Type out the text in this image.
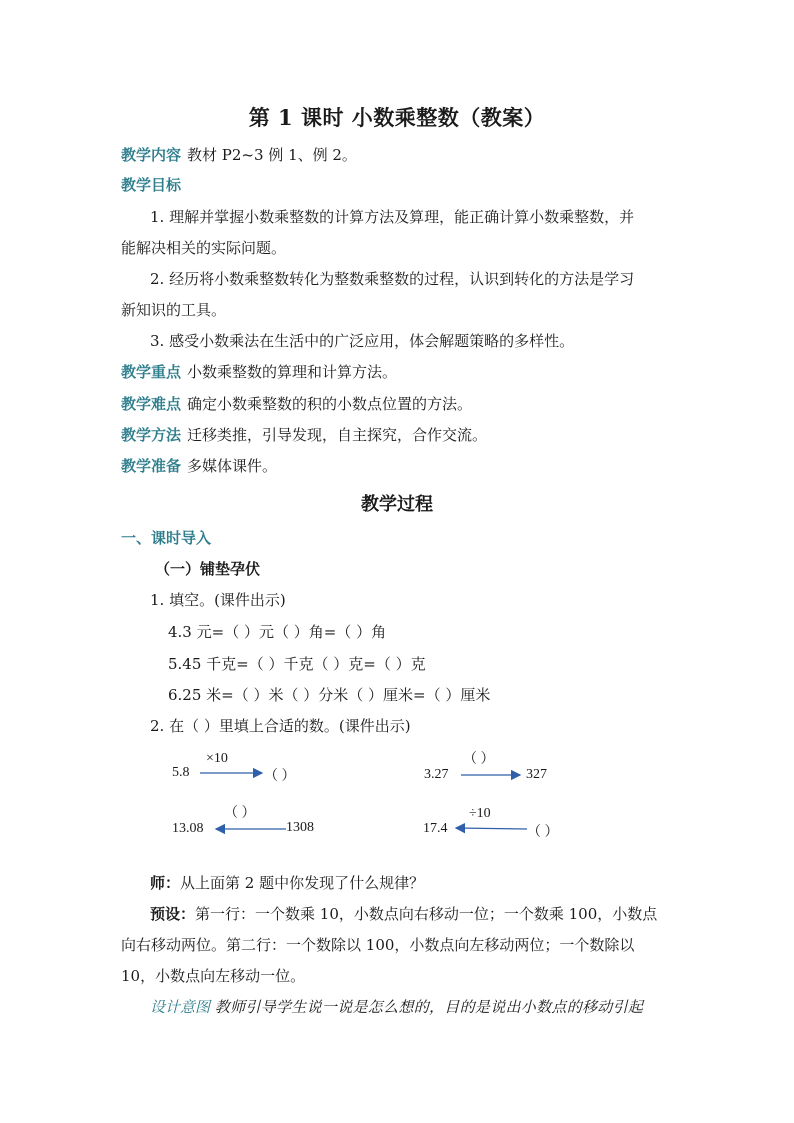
第 1 课时 小数乘整数（教案）
教学内容 教材 P2~3 例 1、例 2。
教学目标
1. 理解并掌握小数乘整数的计算方法及算理，能正确计算小数乘整数，并
能解决相关的实际问题。
2. 经历将小数乘整数转化为整数乘整数的过程，认识到转化的方法是学习
新知识的工具。
3. 感受小数乘法在生活中的广泛应用，体会解题策略的多样性。
教学重点 小数乘整数的算理和计算方法。
教学难点 确定小数乘整数的积的小数点位置的方法。
教学方法 迁移类推，引导发现，自主探究，合作交流。
教学准备 多媒体课件。
教学过程
一、课时导入
（一）铺垫孕伏
1. 填空。(课件出示)
4.3 元=（ ）元（ ）角=（ ）角
5.45 千克=（ ）千克（ ）克=（ ）克
6.25 米=（ ）米（ ）分米（ ）厘米=（ ）厘米
2. 在（ ）里填上合适的数。(课件出示)
5.8
×10
（ ）	3.27
（ ）
327
13.08
（ ）
1308	17.4
÷10
（ ）
师：从上面第 2 题中你发现了什么规律？
预设：第一行：一个数乘 10，小数点向右移动一位；一个数乘 100，小数点
向右移动两位。第二行：一个数除以 100，小数点向左移动两位；一个数除以
10，小数点向左移动一位。
设计意图 教师引导学生说一说是怎么想的，目的是说出小数点的移动引起
